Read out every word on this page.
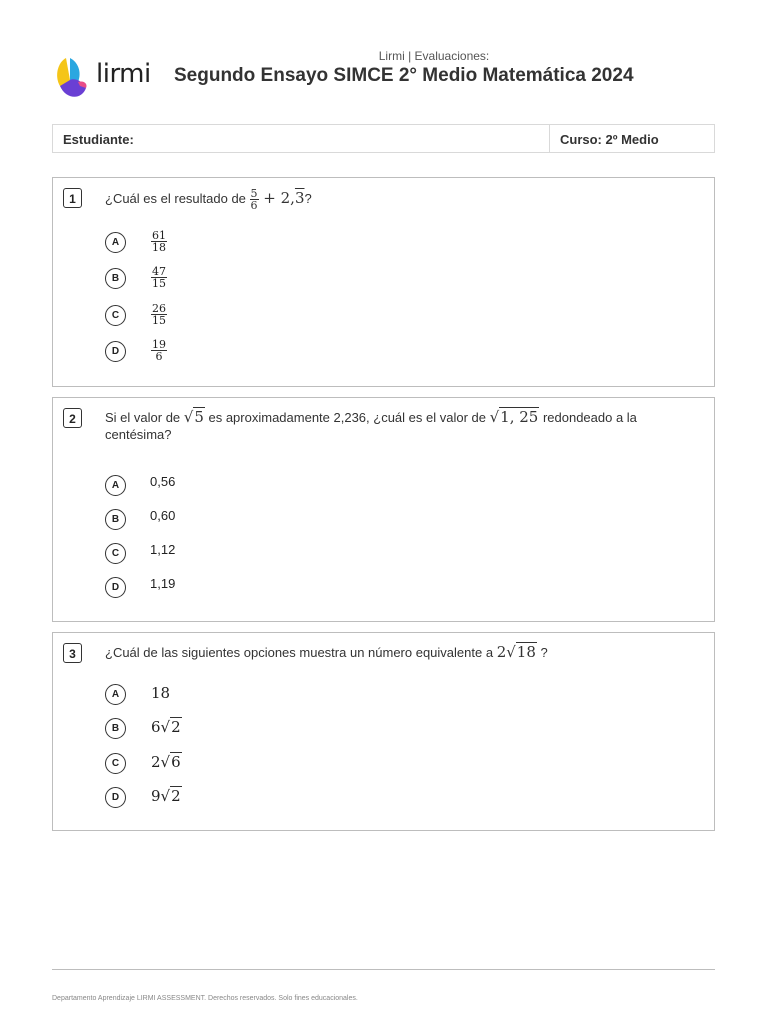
lirmi
Lirmi | Evaluaciones:
Segundo Ensayo SIMCE 2° Medio Matemática 2024
Estudiante:	Curso: 2º Medio
1	¿Cuál es el resultado de $\frac{5}{6} + 2,3$?
A	$\frac{61}{18}$
B	$\frac{47}{15}$
C	$\frac{26}{15}$
D	$\frac{19}{6}$
2	Si el valor de √5 es aproximadamente 2,236, ¿cuál es el valor de √1, 25 redondeado a la
centésima?
A	0,56
B	0,60
C	1,12
D	1,19
3	¿Cuál de las siguientes opciones muestra un número equivalente a 2√18 ?
A	18
B	6√2
C	2√6
D	9√2
Departamento Aprendizaje LIRMI ASSESSMENT. Derechos reservados. Solo fines educacionales.
